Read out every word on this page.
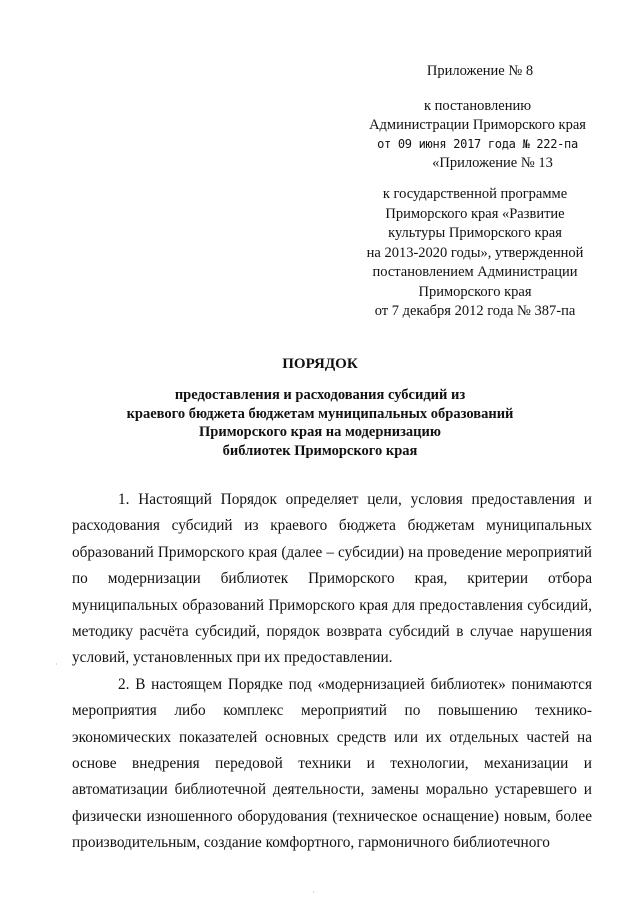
Приложение № 8
к постановлению
Администрации Приморского края
от 09 июня 2017 года № 222-па
«Приложение № 13
к государственной программе
Приморского края «Развитие
культуры Приморского края
на 2013-2020 годы», утвержденной
постановлением Администрации
Приморского края
от 7 декабря 2012 года № 387-па
ПОРЯДОК
предоставления и расходования субсидий из
краевого бюджета бюджетам муниципальных образований
Приморского края на модернизацию
библиотек Приморского края

1. Настоящий Порядок определяет цели, условия предоставления и расходования субсидий из краевого бюджета бюджетам муниципальных образований Приморского края (далее – субсидии) на проведение мероприятий по модернизации библиотек Приморского края, критерии отбора муниципальных образований Приморского края для предоставления субсидий, методику расчёта субсидий, порядок возврата субсидий в случае нарушения условий, установленных при их предоставлении.

2. В настоящем Порядке под «модернизацией библиотек» понимаются мероприятия либо комплекс мероприятий по повышению технико-экономических показателей основных средств или их отдельных частей на основе внедрения передовой техники и технологии, механизации и автоматизации библиотечной деятельности, замены морально устаревшего и физически изношенного оборудования (техническое оснащение) новым, более производительным, создание комфортного, гармоничного библиотечного

·
·
